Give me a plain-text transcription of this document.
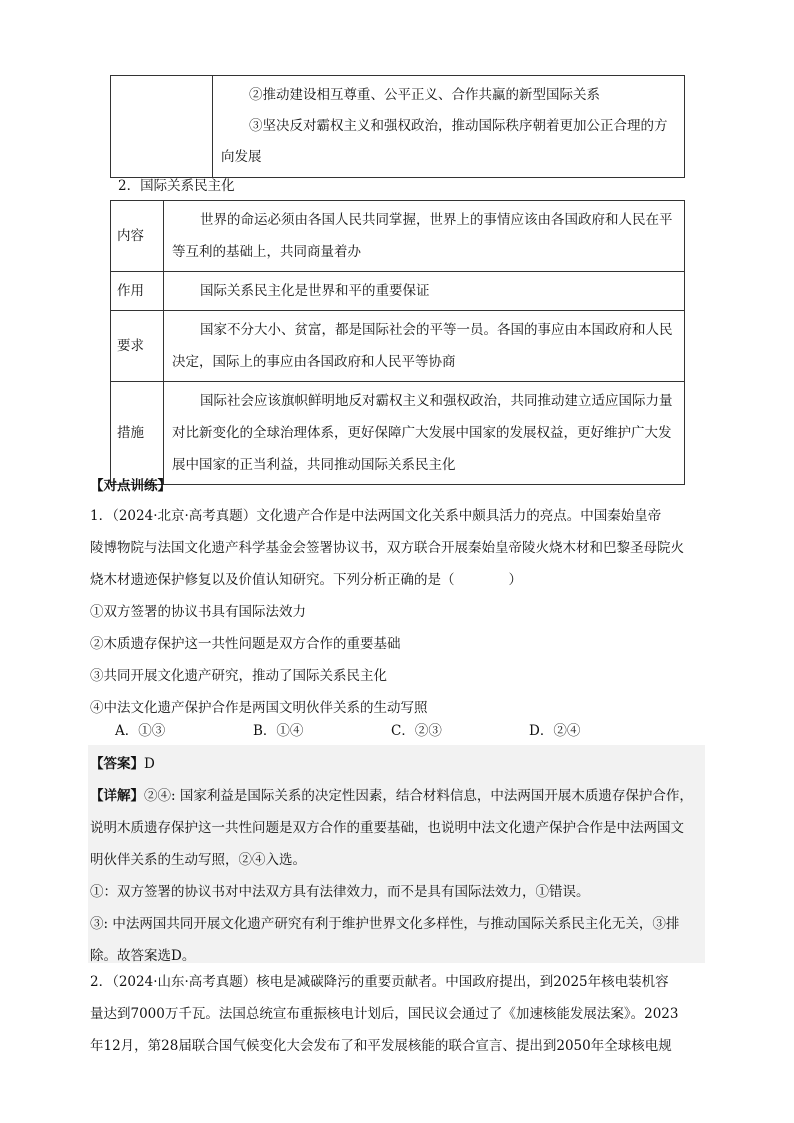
②推动建设相互尊重、公平正义、合作共赢的新型国际关系
③坚决反对霸权主义和强权政治，推动国际秩序朝着更加公正合理的方向发展
2．国际关系民主化
内容	世界的命运必须由各国人民共同掌握，世界上的事情应该由各国政府和人民在平等互利的基础上，共同商量着办
作用	国际关系民主化是世界和平的重要保证
要求	国家不分大小、贫富，都是国际社会的平等一员。各国的事应由本国政府和人民决定，国际上的事应由各国政府和人民平等协商
措施	国际社会应该旗帜鲜明地反对霸权主义和强权政治，共同推动建立适应国际力量对比新变化的全球治理体系，更好保障广大发展中国家的发展权益，更好维护广大发展中国家的正当利益，共同推动国际关系民主化
【对点训练】
1．（2024·北京·高考真题）文化遗产合作是中法两国文化关系中颇具活力的亮点。中国秦始皇帝
陵博物院与法国文化遗产科学基金会签署协议书，双方联合开展秦始皇帝陵火烧木材和巴黎圣母院火
烧木材遗迹保护修复以及价值认知研究。下列分析正确的是（　　　　）
①双方签署的协议书具有国际法效力
②木质遗存保护这一共性问题是双方合作的重要基础
③共同开展文化遗产研究，推动了国际关系民主化
④中法文化遗产保护合作是两国文明伙伴关系的生动写照
A．①③	B．①④	C．②③	D．②④
【答案】D
【详解】②④: 国家利益是国际关系的决定性因素，结合材料信息，中法两国开展木质遗存保护合作，
说明木质遗存保护这一共性问题是双方合作的重要基础，也说明中法文化遗产保护合作是中法两国文
明伙伴关系的生动写照，②④入选。
①：双方签署的协议书对中法双方具有法律效力，而不是具有国际法效力，①错误。
③: 中法两国共同开展文化遗产研究有利于维护世界文化多样性，与推动国际关系民主化无关，③排
除。故答案选D。
2．（2024·山东·高考真题）核电是减碳降污的重要贡献者。中国政府提出，到2025年核电装机容
量达到7000万千瓦。法国总统宣布重振核电计划后，国民议会通过了《加速核能发展法案》。2023
年12月，第28届联合国气候变化大会发布了和平发展核能的联合宣言、提出到2050年全球核电规
